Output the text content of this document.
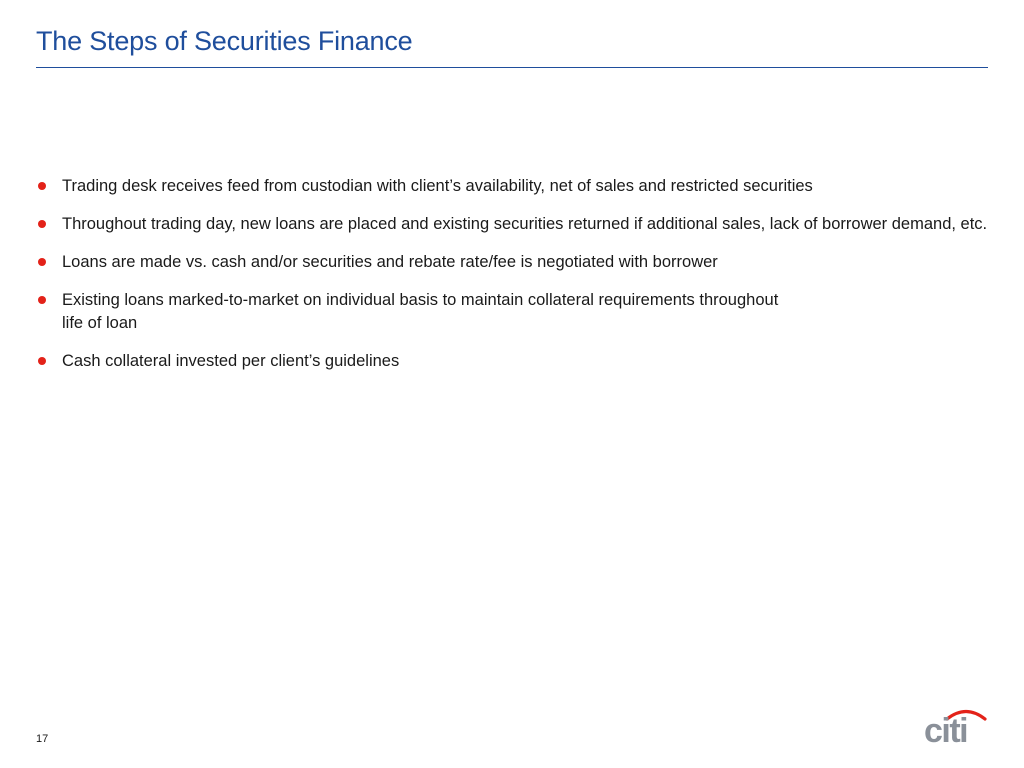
The Steps of Securities Finance
Trading desk receives feed from custodian with client’s availability, net of sales and restricted securities
Throughout trading day, new loans are placed and existing securities returned if additional sales, lack of borrower demand, etc.
Loans are made vs. cash and/or securities and rebate rate/fee is negotiated with borrower
Existing loans marked-to-market on individual basis to maintain collateral requirements throughout
life of loan
Cash collateral invested per client’s guidelines
17	citi
